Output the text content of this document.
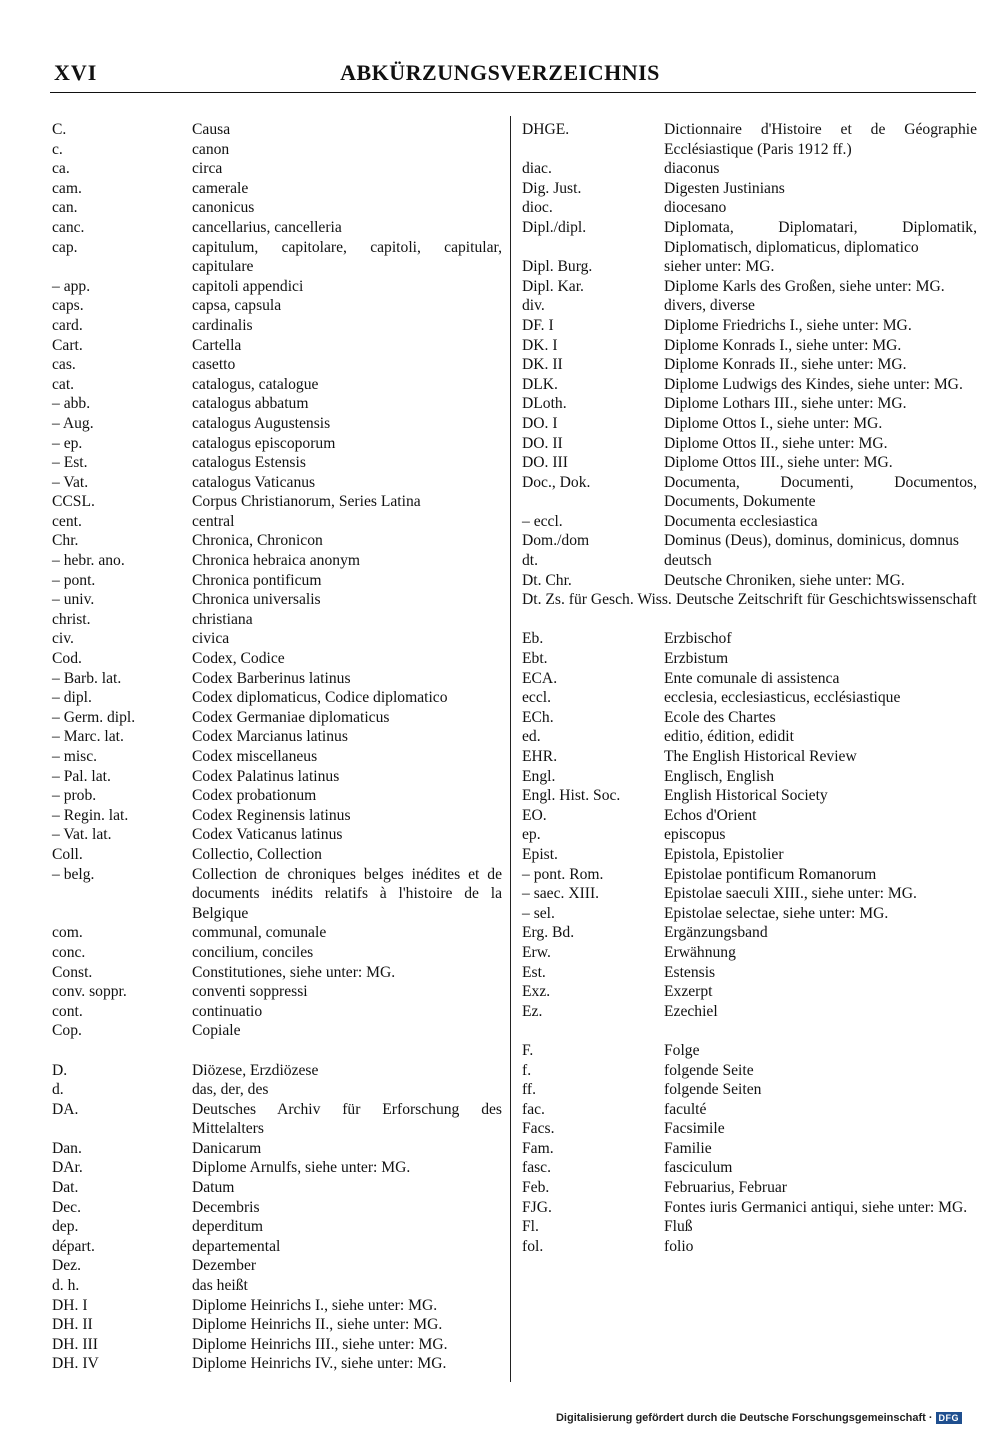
XVI	ABKÜRZUNGSVERZEICHNIS
C.	Causa
c.	canon
ca.	circa
cam.	camerale
can.	canonicus
canc.	cancellarius, cancelleria
cap.	capitulum, capitolare, capitoli, capitular, capitulare
– app.	capitoli appendici
caps.	capsa, capsula
card.	cardinalis
Cart.	Cartella
cas.	casetto
cat.	catalogus, catalogue
– abb.	catalogus abbatum
– Aug.	catalogus Augustensis
– ep.	catalogus episcoporum
– Est.	catalogus Estensis
– Vat.	catalogus Vaticanus
CCSL.	Corpus Christianorum, Series Latina
cent.	central
Chr.	Chronica, Chronicon
– hebr. ano.	Chronica hebraica anonym
– pont.	Chronica pontificum
– univ.	Chronica universalis
christ.	christiana
civ.	civica
Cod.	Codex, Codice
– Barb. lat.	Codex Barberinus latinus
– dipl.	Codex diplomaticus, Codice diplomatico
– Germ. dipl.	Codex Germaniae diplomaticus
– Marc. lat.	Codex Marcianus latinus
– misc.	Codex miscellaneus
– Pal. lat.	Codex Palatinus latinus
– prob.	Codex probationum
– Regin. lat.	Codex Reginensis latinus
– Vat. lat.	Codex Vaticanus latinus
Coll.	Collectio, Collection
– belg.	Collection de chroniques belges inédites et de documents inédits relatifs à l'histoire de la Belgique
com.	communal, comunale
conc.	concilium, conciles
Const.	Constitutiones, siehe unter: MG.
conv. soppr.	conventi soppressi
cont.	continuatio
Cop.	Copiale
D.	Diözese, Erzdiözese
d.	das, der, des
DA.	Deutsches Archiv für Erforschung des Mittelalters
Dan.	Danicarum
DAr.	Diplome Arnulfs, siehe unter: MG.
Dat.	Datum
Dec.	Decembris
dep.	deperditum
départ.	departemental
Dez.	Dezember
d. h.	das heißt
DH. I	Diplome Heinrichs I., siehe unter: MG.
DH. II	Diplome Heinrichs II., siehe unter: MG.
DH. III	Diplome Heinrichs III., siehe unter: MG.
DH. IV	Diplome Heinrichs IV., siehe unter: MG.
DHGE.	Dictionnaire d'Histoire et de Géographie Ecclésiastique (Paris 1912 ff.)
diac.	diaconus
Dig. Just.	Digesten Justinians
dioc.	diocesano
Dipl./dipl.	Diplomata, Diplomatari, Diplomatik, Diplomatisch, diplomaticus, diplomatico
Dipl. Burg.	sieher unter: MG.
Dipl. Kar.	Diplome Karls des Großen, siehe unter: MG.
div.	divers, diverse
DF. I	Diplome Friedrichs I., siehe unter: MG.
DK. I	Diplome Konrads I., siehe unter: MG.
DK. II	Diplome Konrads II., siehe unter: MG.
DLK.	Diplome Ludwigs des Kindes, siehe unter: MG.
DLoth.	Diplome Lothars III., siehe unter: MG.
DO. I	Diplome Ottos I., siehe unter: MG.
DO. II	Diplome Ottos II., siehe unter: MG.
DO. III	Diplome Ottos III., siehe unter: MG.
Doc., Dok.	Documenta, Documenti, Documentos, Documents, Dokumente
– eccl.	Documenta ecclesiastica
Dom./dom	Dominus (Deus), dominus, dominicus, domnus
dt.	deutsch
Dt. Chr.	Deutsche Chroniken, siehe unter: MG.
Dt. Zs. für Gesch. Wiss. Deutsche Zeitschrift für Geschichtswissenschaft
Eb.	Erzbischof
Ebt.	Erzbistum
ECA.	Ente comunale di assistenca
eccl.	ecclesia, ecclesiasticus, ecclésiastique
ECh.	Ecole des Chartes
ed.	editio, édition, edidit
EHR.	The English Historical Review
Engl.	Englisch, English
Engl. Hist. Soc.	English Historical Society
EO.	Echos d'Orient
ep.	episcopus
Epist.	Epistola, Epistolier
– pont. Rom.	Epistolae pontificum Romanorum
– saec. XIII.	Epistolae saeculi XIII., siehe unter: MG.
– sel.	Epistolae selectae, siehe unter: MG.
Erg. Bd.	Ergänzungsband
Erw.	Erwähnung
Est.	Estensis
Exz.	Exzerpt
Ez.	Ezechiel
F.	Folge
f.	folgende Seite
ff.	folgende Seiten
fac.	faculté
Facs.	Facsimile
Fam.	Familie
fasc.	fasciculum
Feb.	Februarius, Februar
FJG.	Fontes iuris Germanici antiqui, siehe unter: MG.
Fl.	Fluß
fol.	folio
Digitalisierung gefördert durch die Deutsche Forschungsgemeinschaft · DFG
